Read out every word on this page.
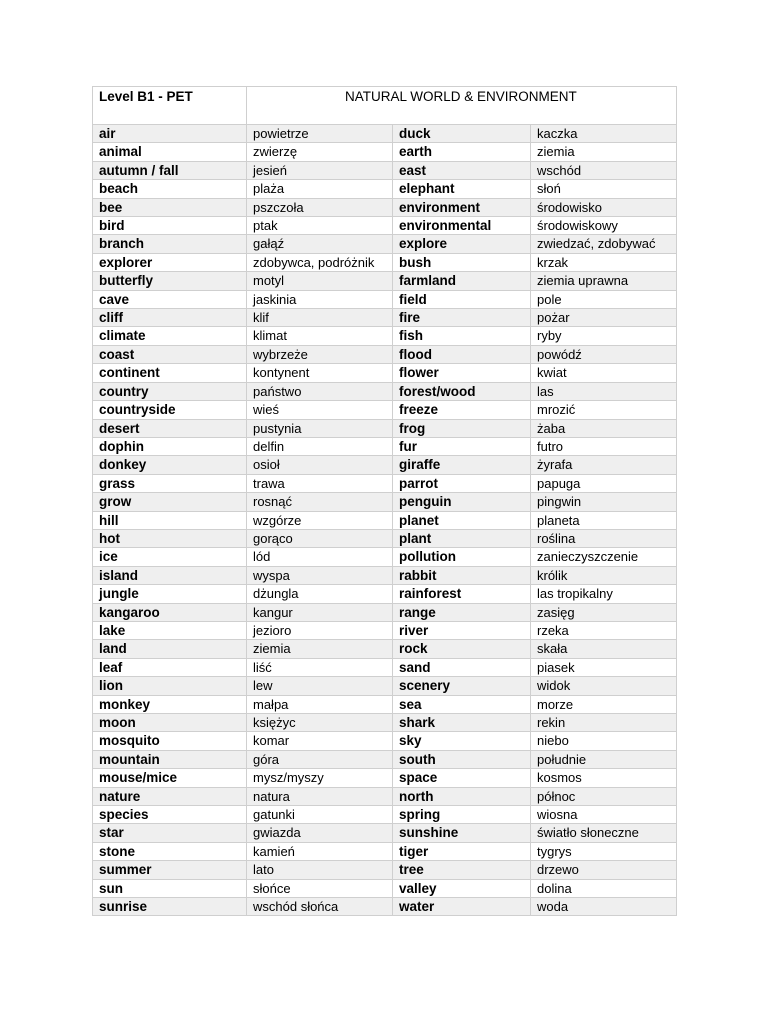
Level B1 - PET	NATURAL WORLD & ENVIRONMENT		
air	powietrze	duck	kaczka
animal	zwierzę	earth	ziemia
autumn / fall	jesień	east	wschód
beach	plaża	elephant	słoń
bee	pszczoła	environment	środowisko
bird	ptak	environmental	środowiskowy
branch	gałąź	explore	zwiedzać, zdobywać
explorer	zdobywca, podróżnik	bush	krzak
butterfly	motyl	farmland	ziemia uprawna
cave	jaskinia	field	pole
cliff	klif	fire	pożar
climate	klimat	fish	ryby
coast	wybrzeże	flood	powódź
continent	kontynent	flower	kwiat
country	państwo	forest/wood	las
countryside	wieś	freeze	mrozić
desert	pustynia	frog	żaba
dophin	delfin	fur	futro
donkey	osioł	giraffe	żyrafa
grass	trawa	parrot	papuga
grow	rosnąć	penguin	pingwin
hill	wzgórze	planet	planeta
hot	gorąco	plant	roślina
ice	lód	pollution	zanieczyszczenie
island	wyspa	rabbit	królik
jungle	dżungla	rainforest	las tropikalny
kangaroo	kangur	range	zasięg
lake	jezioro	river	rzeka
land	ziemia	rock	skała
leaf	liść	sand	piasek
lion	lew	scenery	widok
monkey	małpa	sea	morze
moon	księżyc	shark	rekin
mosquito	komar	sky	niebo
mountain	góra	south	południe
mouse/mice	mysz/myszy	space	kosmos
nature	natura	north	północ
species	gatunki	spring	wiosna
star	gwiazda	sunshine	światło słoneczne
stone	kamień	tiger	tygrys
summer	lato	tree	drzewo
sun	słońce	valley	dolina
sunrise	wschód słońca	water	woda
